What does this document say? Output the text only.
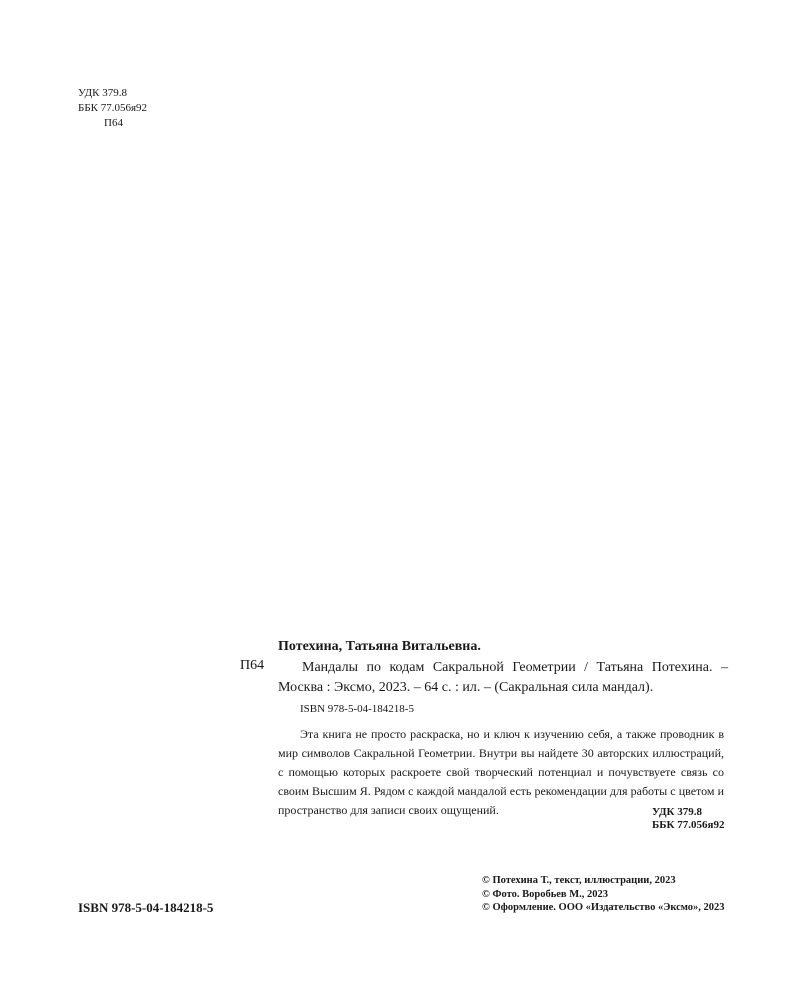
УДК 379.8
ББК 77.056я92
П64
Потехина, Татьяна Витальевна.
П64	Мандалы по кодам Сакральной Геометрии / Татьяна Потехина. – Москва : Эксмо, 2023. – 64 с. : ил. – (Сакральная сила мандал).

ISBN 978-5-04-184218-5

Эта книга не просто раскраска, но и ключ к изучению себя, а также проводник в мир символов Сакральной Геометрии. Внутри вы найдете 30 авторских иллюстраций, с помощью которых раскроете свой творческий потенциал и почувствуете связь со своим Высшим Я. Рядом с каждой мандалой есть рекомендации для работы с цветом и пространство для записи своих ощущений.	УДК 379.8
ББК 77.056я92
ISBN 978-5-04-184218-5
© Потехина Т., текст, иллюстрации, 2023
© Фото. Воробьев М., 2023
© Оформление. ООО «Издательство «Эксмо», 2023
